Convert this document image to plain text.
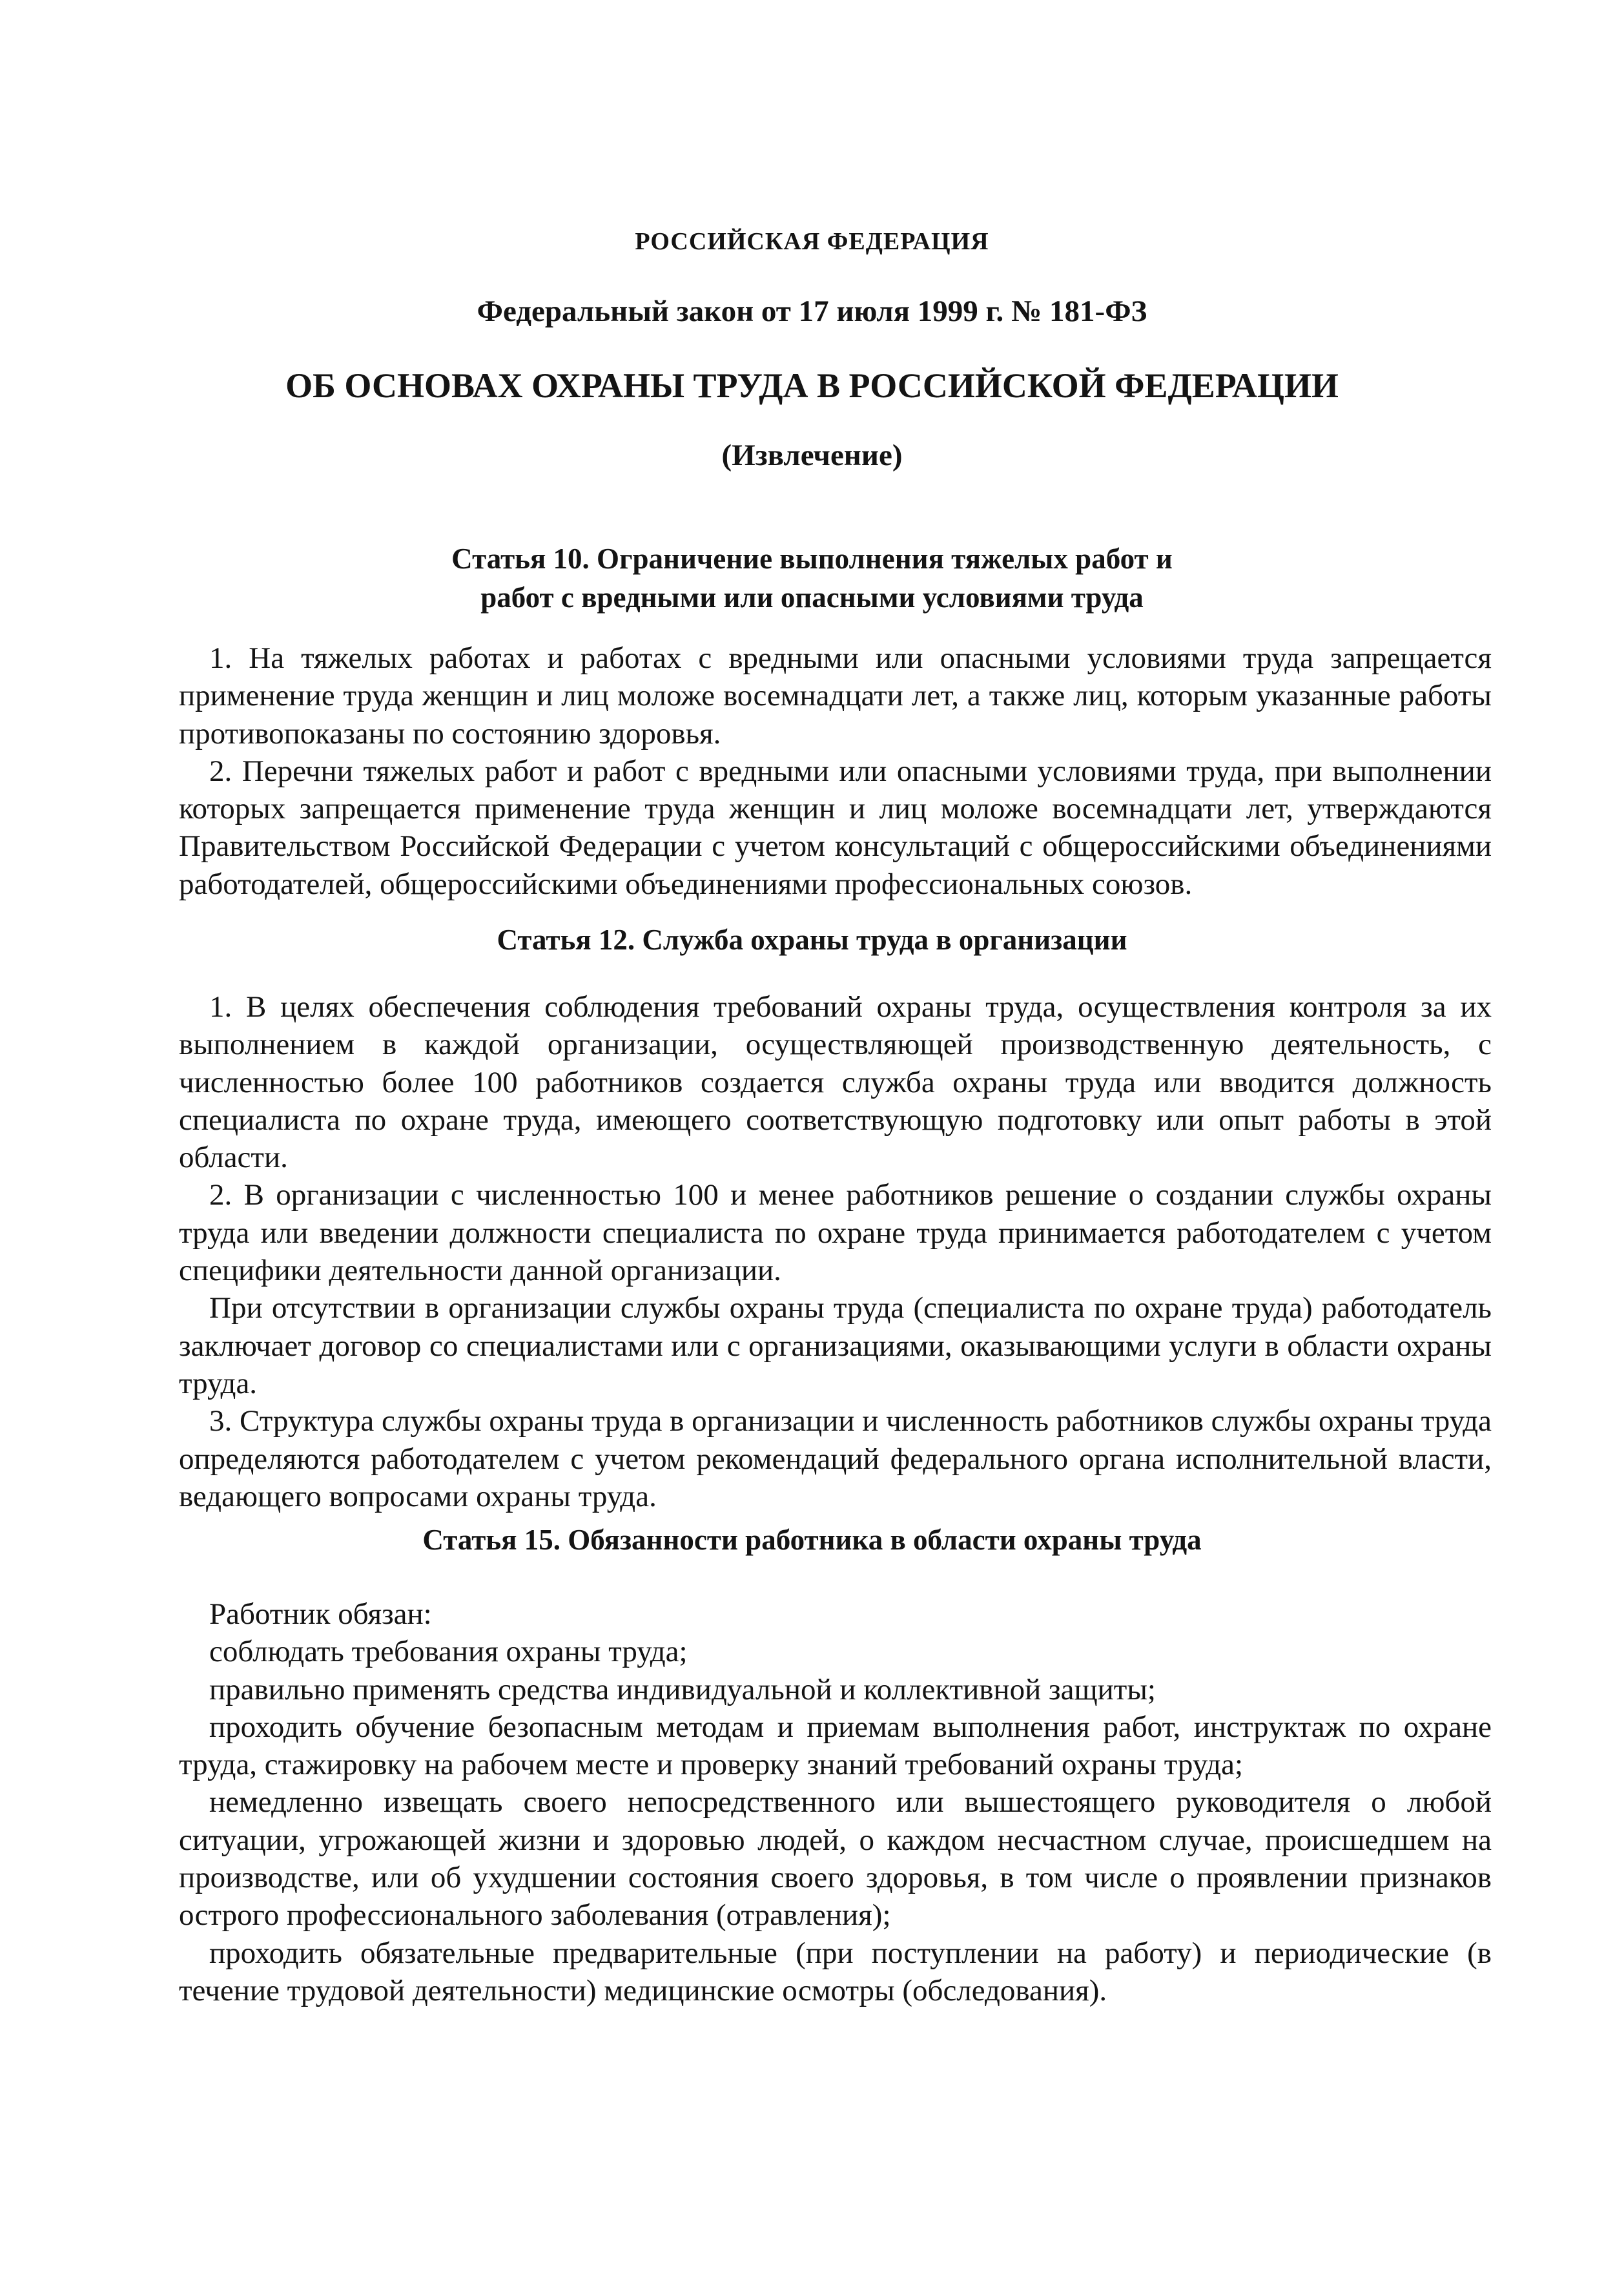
РОССИЙСКАЯ ФЕДЕРАЦИЯ
Федеральный закон от 17 июля 1999 г. № 181-ФЗ
ОБ ОСНОВАХ ОХРАНЫ ТРУДА В РОССИЙСКОЙ ФЕДЕРАЦИИ
(Извлечение)
Статья 10. Ограничение выполнения тяжелых работ и
работ с вредными или опасными условиями труда

1. На тяжелых работах и работах с вредными или опасными условиями труда запрещается применение труда женщин и лиц моложе восемнадцати лет, а также лиц, которым указанные работы противопоказаны по состоянию здоровья.

2. Перечни тяжелых работ и работ с вредными или опасными условиями труда, при выполнении которых запрещается применение труда женщин и лиц моложе восемнадцати лет, утверждаются Правительством Российской Федерации с учетом консультаций с общероссийскими объединениями работодателей, общероссийскими объединениями профессиональных союзов.

Статья 12. Служба охраны труда в организации

1. В целях обеспечения соблюдения требований охраны труда, осуществления контроля за их выполнением в каждой организации, осуществляющей производственную деятельность, с численностью более 100 работников создается служба охраны труда или вводится должность специалиста по охране труда, имеющего соответствующую подготовку или опыт работы в этой области.

2. В организации с численностью 100 и менее работников решение о создании службы охраны труда или введении должности специалиста по охране труда принимается работодателем с учетом специфики деятельности данной организации.

При отсутствии в организации службы охраны труда (специалиста по охране труда) работодатель заключает договор со специалистами или с организациями, оказывающими услуги в области охраны труда.

3. Структура службы охраны труда в организации и численность работников службы охраны труда определяются работодателем с учетом рекомендаций федерального органа исполнительной власти, ведающего вопросами охраны труда.

Статья 15. Обязанности работника в области охраны труда

Работник обязан:

соблюдать требования охраны труда;

правильно применять средства индивидуальной и коллективной защиты;

проходить обучение безопасным методам и приемам выполнения работ, инструктаж по охране труда, стажировку на рабочем месте и проверку знаний требований охраны труда;

немедленно извещать своего непосредственного или вышестоящего руководителя о любой ситуации, угрожающей жизни и здоровью людей, о каждом несчастном случае, происшедшем на производстве, или об ухудшении состояния своего здоровья, в том числе о проявлении признаков острого профессионального заболевания (отравления);

проходить обязательные предварительные (при поступлении на работу) и периодические (в течение трудовой деятельности) медицинские осмотры (обследования).
